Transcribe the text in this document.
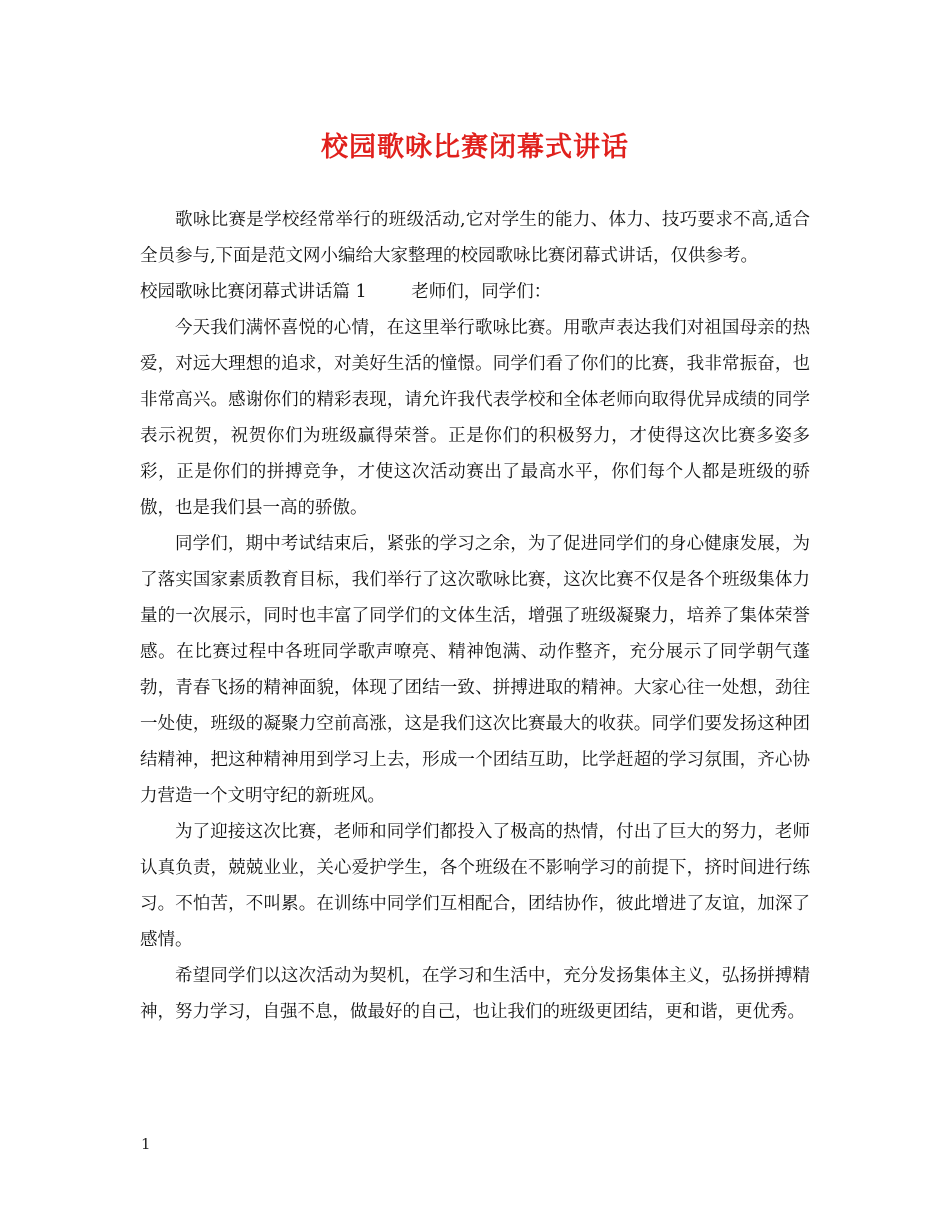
校园歌咏比赛闭幕式讲话

歌咏比赛是学校经常举行的班级活动,它对学生的能力、体力、技巧要求不高,适合全员参与,下面是范文网小编给大家整理的校园歌咏比赛闭幕式讲话，仅供参考。

校园歌咏比赛闭幕式讲话篇 1	老师们，同学们：

今天我们满怀喜悦的心情，在这里举行歌咏比赛。用歌声表达我们对祖国母亲的热爱，对远大理想的追求，对美好生活的憧憬。同学们看了你们的比赛，我非常振奋，也非常高兴。感谢你们的精彩表现，请允许我代表学校和全体老师向取得优异成绩的同学表示祝贺，祝贺你们为班级赢得荣誉。正是你们的积极努力，才使得这次比赛多姿多彩，正是你们的拼搏竞争，才使这次活动赛出了最高水平，你们每个人都是班级的骄傲，也是我们县一高的骄傲。

同学们，期中考试结束后，紧张的学习之余，为了促进同学们的身心健康发展，为了落实国家素质教育目标，我们举行了这次歌咏比赛，这次比赛不仅是各个班级集体力量的一次展示，同时也丰富了同学们的文体生活，增强了班级凝聚力，培养了集体荣誉感。在比赛过程中各班同学歌声嘹亮、精神饱满、动作整齐，充分展示了同学朝气蓬勃，青春飞扬的精神面貌，体现了团结一致、拼搏进取的精神。大家心往一处想，劲往一处使，班级的凝聚力空前高涨，这是我们这次比赛最大的收获。同学们要发扬这种团结精神，把这种精神用到学习上去，形成一个团结互助，比学赶超的学习氛围，齐心协力营造一个文明守纪的新班风。

为了迎接这次比赛，老师和同学们都投入了极高的热情，付出了巨大的努力，老师认真负责，兢兢业业，关心爱护学生，各个班级在不影响学习的前提下，挤时间进行练习。不怕苦，不叫累。在训练中同学们互相配合，团结协作，彼此增进了友谊，加深了感情。

希望同学们以这次活动为契机，在学习和生活中，充分发扬集体主义，弘扬拼搏精神，努力学习，自强不息，做最好的自己，也让我们的班级更团结，更和谐，更优秀。

1
